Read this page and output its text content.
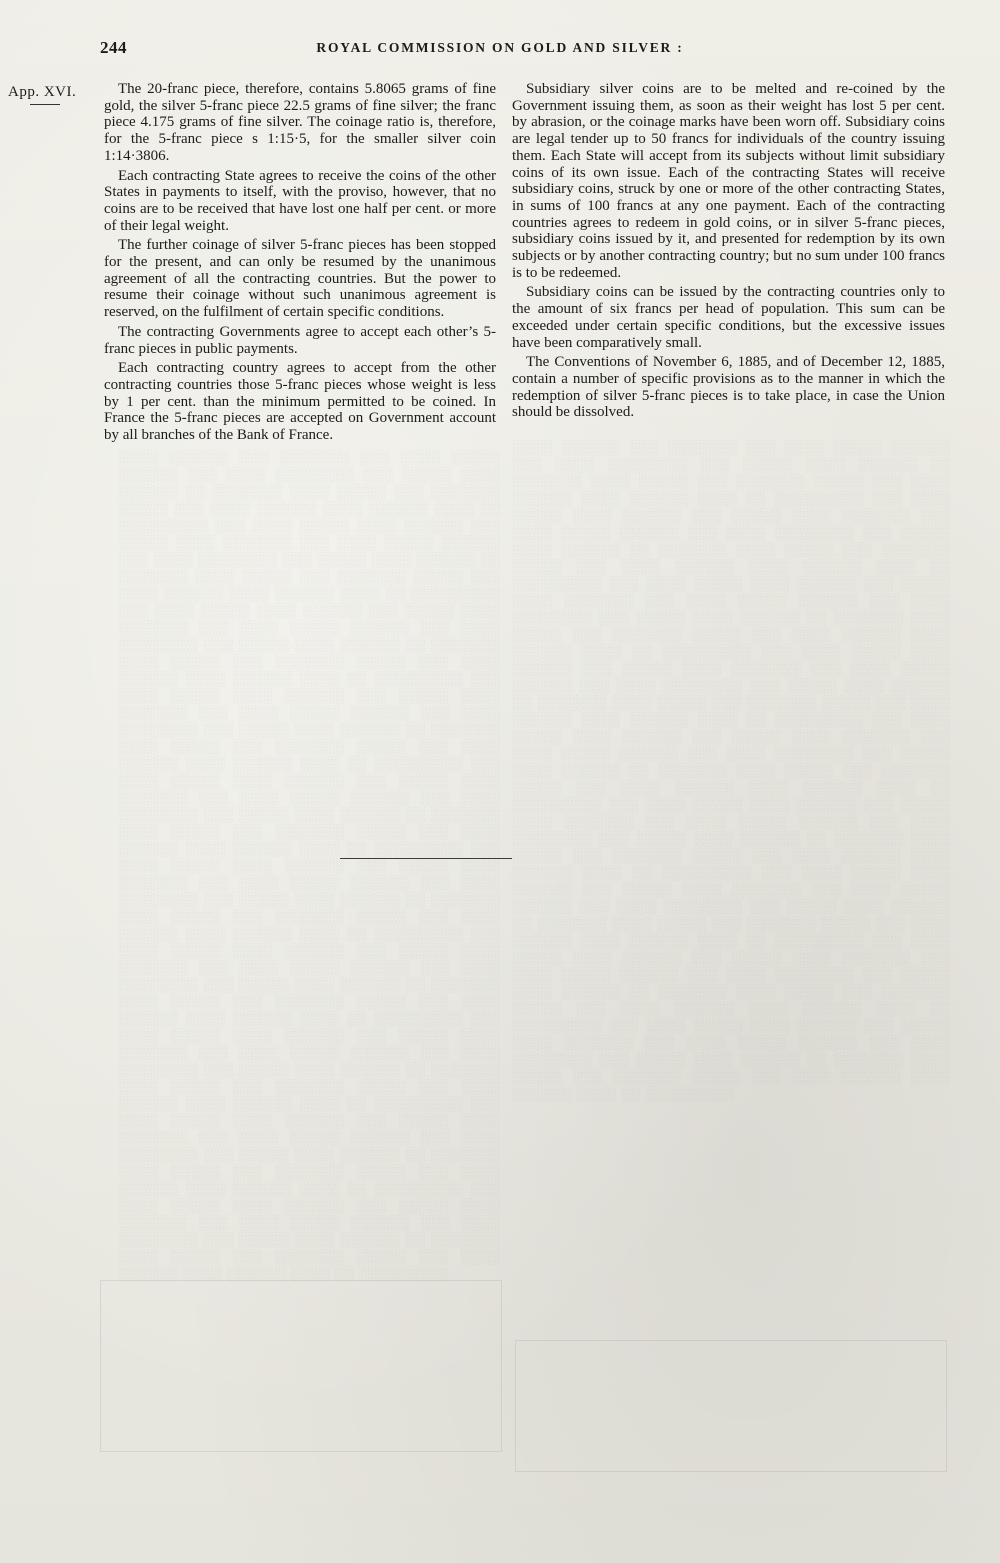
░░░░ ░░░░░░ ░░░ ░░░░░░░ ░░░ ░░░░ ░░░░░ ░░░░░░ ░░░ ░░░░ ░░░░░░░░ ░░░ ░░░░░ ░░░░ ░░░░░░ ░░ ░░░░░░░ ░░░░ ░░░░░ ░░░ ░░░░░░░ ░░░░░ ░░░ ░░░░ ░░░░░░ ░░░░ ░░░░░░ ░░░░ ░░ ░░░░░░░░░ ░░░ ░░░░ ░░░░░ ░░░░ ░░░░░░ ░░░ ░░░░░ ░░░░ ░░░░░░░ ░░░ ░░░░ ░░░░░ ░░░░░░ ░░░ ░░░░ ░░░░░░░░ ░░░ ░░░░░ ░░░░ ░░░░░░ ░░ ░░░░░░░ ░░░░ ░░░░░ ░░░ ░░░░░░░ ░░░░░ ░░░ ░░░░ ░░░░░░ ░░░░ ░░░░░░ ░░░░ ░░ ░░░░░░░░░ ░░░ ░░░░ ░░░░░ ░░░░ ░░░░░░ ░░░ ░░░░░ ░░░░ ░░░░░░░ ░░░ ░░░░ ░░░░░ ░░░░░░ ░░░ ░░░░ ░░░░░░░░ ░░░ ░░░░░ ░░░░ ░░░░░░ ░░ ░░░░░░░ ░░░░ ░░░░░ ░░░ ░░░░░░░ ░░░░░ ░░░ ░░░░ ░░░░░░ ░░░░ ░░░░░░ ░░░░ ░░ ░░░░░░░░░ ░░░ ░░░░ ░░░░░ ░░░░ ░░░░░░ ░░░ ░░░░░ ░░░░ ░░░░░░░ ░░░ ░░░░ ░░░░░ ░░░░░░ ░░░ ░░░░ ░░░░░░░░ ░░░ ░░░░░ ░░░░ ░░░░░░ ░░ ░░░░░░░ ░░░░ ░░░░░ ░░░ ░░░░░░░ ░░░░░ ░░░ ░░░░ ░░░░░░ ░░░░ ░░░░░░ ░░░░ ░░ ░░░░░░░░░ ░░░ ░░░░ ░░░░░ ░░░░ ░░░░░░ ░░░ ░░░░░ ░░░░ ░░░░░░░ ░░░ ░░░░ ░░░░░ ░░░░░░ ░░░ ░░░░ ░░░░░░░░ ░░░ ░░░░░ ░░░░ ░░░░░░ ░░ ░░░░░░░ ░░░░ ░░░░░ ░░░ ░░░░░░░ ░░░░░ ░░░ ░░░░ ░░░░░░ ░░░░ ░░░░░░ ░░░░ ░░ ░░░░░░░░░ ░░░ ░░░░ ░░░░░ ░░░░ ░░░░░░ ░░░ ░░░░░ ░░░░ ░░░░░░░ ░░░ ░░░░ ░░░░░ ░░░░░░ ░░░ ░░░░ ░░░░░░░░ ░░░ ░░░░░ ░░░░ ░░░░░░ ░░ ░░░░░░░ ░░░░ ░░░░░ ░░░ ░░░░░░░ ░░░░░ ░░░ ░░░░ ░░░░░░ ░░░░ ░░░░░░ ░░░░ ░░ ░░░░░░░░░ ░░░ ░░░░ ░░░░░ ░░░░ ░░░░░░ ░░░ ░░░░░ ░░░░ ░░░░░░░ ░░░ ░░░░ ░░░░░ ░░░░░░ ░░░ ░░░░ ░░░░░░░░ ░░░ ░░░░░ ░░░░ ░░░░░░ ░░ ░░░░░░░ ░░░░ ░░░░░ ░░░ ░░░░░░░ ░░░░░ ░░░ ░░░░ ░░░░░░ ░░░░ ░░░░░░ ░░░░ ░░ ░░░░░░░░░ ░░░ ░░░░ ░░░░░ ░░░░ ░░░░░░ ░░░ ░░░░░ ░░░░ ░░░░░░░ ░░░ ░░░░ ░░░░░ ░░░░░░ ░░░ ░░░░ ░░░░░░░░ ░░░ ░░░░░ ░░░░ ░░░░░░ ░░ ░░░░░░░ ░░░░ ░░░░░ ░░░ ░░░░░░░ ░░░░░ ░░░ ░░░░ ░░░░░░ ░░░░ ░░░░░░ ░░░░ ░░ ░░░░░░░░░ ░░░ ░░░░ ░░░░░ ░░░░ ░░░░░░ ░░░ ░░░░░ ░░░░ ░░░░░░░ ░░░ ░░░░ ░░░░░ ░░░░░░ ░░░ ░░░░ ░░░░░░░░ ░░░ ░░░░░ ░░░░ ░░░░░░ ░░ ░░░░░░░ ░░░░ ░░░░░ ░░░ ░░░░░░░ ░░░░░ ░░░ ░░░░ ░░░░░░ ░░░░ ░░░░░░ ░░░░ ░░ ░░░░░░░░░ ░░░ ░░░░ ░░░░░ ░░░░ ░░░░░░ ░░░ ░░░░░ ░░░░ ░░░░░░░ ░░░ ░░░░ ░░░░░ ░░░░░░ ░░░ ░░░░ ░░░░░░░░ ░░░ ░░░░░ ░░░░ ░░░░░░ ░░ ░░░░░░░ ░░░░ ░░░░░ ░░░ ░░░░░░░ ░░░░░ ░░░ ░░░░ ░░░░░░ ░░░░ ░░░░░░ ░░░░ ░░ ░░░░░░░░░
░░░░ ░░░░░░ ░░░ ░░░░░░░ ░░░ ░░░░ ░░░░░ ░░░░░░ ░░░ ░░░░ ░░░░░░░░ ░░░ ░░░░░ ░░░░ ░░░░░░ ░░ ░░░░░░░ ░░░░ ░░░░░ ░░░ ░░░░░░░ ░░░░░ ░░░ ░░░░ ░░░░░░ ░░░░ ░░░░░░ ░░░░ ░░ ░░░░░░░░░ ░░░ ░░░░ ░░░░░ ░░░░ ░░░░░░ ░░░ ░░░░░ ░░░░ ░░░░░░░ ░░░ ░░░░ ░░░░░ ░░░░░░ ░░░ ░░░░ ░░░░░░░░ ░░░ ░░░░░ ░░░░ ░░░░░░ ░░ ░░░░░░░ ░░░░ ░░░░░ ░░░ ░░░░░░░ ░░░░░ ░░░ ░░░░ ░░░░░░ ░░░░ ░░░░░░ ░░░░ ░░ ░░░░░░░░░ ░░░ ░░░░ ░░░░░ ░░░░ ░░░░░░ ░░░ ░░░░░ ░░░░ ░░░░░░░ ░░░ ░░░░ ░░░░░ ░░░░░░ ░░░ ░░░░ ░░░░░░░░ ░░░ ░░░░░ ░░░░ ░░░░░░ ░░ ░░░░░░░ ░░░░ ░░░░░ ░░░ ░░░░░░░ ░░░░░ ░░░ ░░░░ ░░░░░░ ░░░░ ░░░░░░ ░░░░ ░░ ░░░░░░░░░ ░░░ ░░░░ ░░░░░ ░░░░ ░░░░░░ ░░░ ░░░░░ ░░░░ ░░░░░░░ ░░░ ░░░░ ░░░░░ ░░░░░░ ░░░ ░░░░ ░░░░░░░░ ░░░ ░░░░░ ░░░░ ░░░░░░ ░░ ░░░░░░░ ░░░░ ░░░░░ ░░░ ░░░░░░░ ░░░░░ ░░░ ░░░░ ░░░░░░ ░░░░ ░░░░░░ ░░░░ ░░ ░░░░░░░░░ ░░░ ░░░░ ░░░░░ ░░░░ ░░░░░░ ░░░ ░░░░░ ░░░░ ░░░░░░░ ░░░ ░░░░ ░░░░░ ░░░░░░ ░░░ ░░░░ ░░░░░░░░ ░░░ ░░░░░ ░░░░ ░░░░░░ ░░ ░░░░░░░ ░░░░ ░░░░░ ░░░ ░░░░░░░ ░░░░░ ░░░ ░░░░ ░░░░░░ ░░░░ ░░░░░░ ░░░░ ░░ ░░░░░░░░░ ░░░ ░░░░ ░░░░░ ░░░░ ░░░░░░ ░░░ ░░░░░ ░░░░ ░░░░░░░ ░░░ ░░░░ ░░░░░ ░░░░░░ ░░░ ░░░░ ░░░░░░░░ ░░░ ░░░░░ ░░░░ ░░░░░░ ░░ ░░░░░░░ ░░░░ ░░░░░ ░░░ ░░░░░░░ ░░░░░ ░░░ ░░░░ ░░░░░░ ░░░░ ░░░░░░ ░░░░ ░░ ░░░░░░░░░ ░░░ ░░░░ ░░░░░ ░░░░ ░░░░░░ ░░░ ░░░░░ ░░░░ ░░░░░░░ ░░░ ░░░░ ░░░░░ ░░░░░░ ░░░ ░░░░ ░░░░░░░░ ░░░ ░░░░░ ░░░░ ░░░░░░ ░░ ░░░░░░░ ░░░░ ░░░░░ ░░░ ░░░░░░░ ░░░░░ ░░░ ░░░░ ░░░░░░ ░░░░ ░░░░░░ ░░░░ ░░ ░░░░░░░░░ ░░░ ░░░░ ░░░░░ ░░░░ ░░░░░░ ░░░ ░░░░░ ░░░░ ░░░░░░░ ░░░ ░░░░ ░░░░░ ░░░░░░ ░░░ ░░░░ ░░░░░░░░ ░░░ ░░░░░ ░░░░ ░░░░░░ ░░ ░░░░░░░ ░░░░ ░░░░░ ░░░ ░░░░░░░ ░░░░░ ░░░ ░░░░ ░░░░░░ ░░░░ ░░░░░░ ░░░░ ░░ ░░░░░░░░░ ░░░ ░░░░ ░░░░░ ░░░░ ░░░░░░ ░░░ ░░░░░ ░░░░ ░░░░░░░ ░░░ ░░░░ ░░░░░ ░░░░░░ ░░░ ░░░░ ░░░░░░░░ ░░░ ░░░░░ ░░░░ ░░░░░░ ░░ ░░░░░░░ ░░░░ ░░░░░ ░░░ ░░░░░░░ ░░░░░ ░░░ ░░░░ ░░░░░░ ░░░░ ░░░░░░ ░░░░ ░░ ░░░░░░░░░
244	ROYAL COMMISSION ON GOLD AND SILVER :
App. XVI.	The 20-franc piece, therefore, contains 5.8065 grams of fine gold, the silver 5-franc piece 22.5 grams of fine silver; the franc piece 4.175 grams of fine silver. The coinage ratio is, therefore, for the 5-franc piece s 1:15·5, for the smaller silver coin 1:14·3806.

Each contracting State agrees to receive the coins of the other States in payments to itself, with the proviso, however, that no coins are to be received that have lost one half per cent. or more of their legal weight.

The further coinage of silver 5-franc pieces has been stopped for the present, and can only be resumed by the unanimous agreement of all the contracting countries. But the power to resume their coinage without such unanimous agreement is reserved, on the fulfilment of certain specific conditions.

The contracting Governments agree to accept each other’s 5-franc pieces in public payments.

Each contracting country agrees to accept from the other contracting countries those 5-franc pieces whose weight is less by 1 per cent. than the minimum permitted to be coined. In France the 5-franc pieces are accepted on Government account by all branches of the Bank of France.

Subsidiary silver coins are to be melted and re-coined by the Government issuing them, as soon as their weight has lost 5 per cent. by abrasion, or the coinage marks have been worn off. Subsidiary coins are legal tender up to 50 francs for individuals of the country issuing them. Each State will accept from its subjects without limit subsidiary coins of its own issue. Each of the contracting States will receive subsidiary coins, struck by one or more of the other contracting States, in sums of 100 francs at any one payment. Each of the contracting countries agrees to redeem in gold coins, or in silver 5-franc pieces, subsidiary coins issued by it, and presented for redemption by its own subjects or by another contracting country; but no sum under 100 francs is to be redeemed.

Subsidiary coins can be issued by the contracting countries only to the amount of six francs per head of population. This sum can be exceeded under certain specific conditions, but the excessive issues have been comparatively small.

The Conventions of November 6, 1885, and of December 12, 1885, contain a number of specific provisions as to the manner in which the redemption of silver 5-franc pieces is to take place, in case the Union should be dissolved.
